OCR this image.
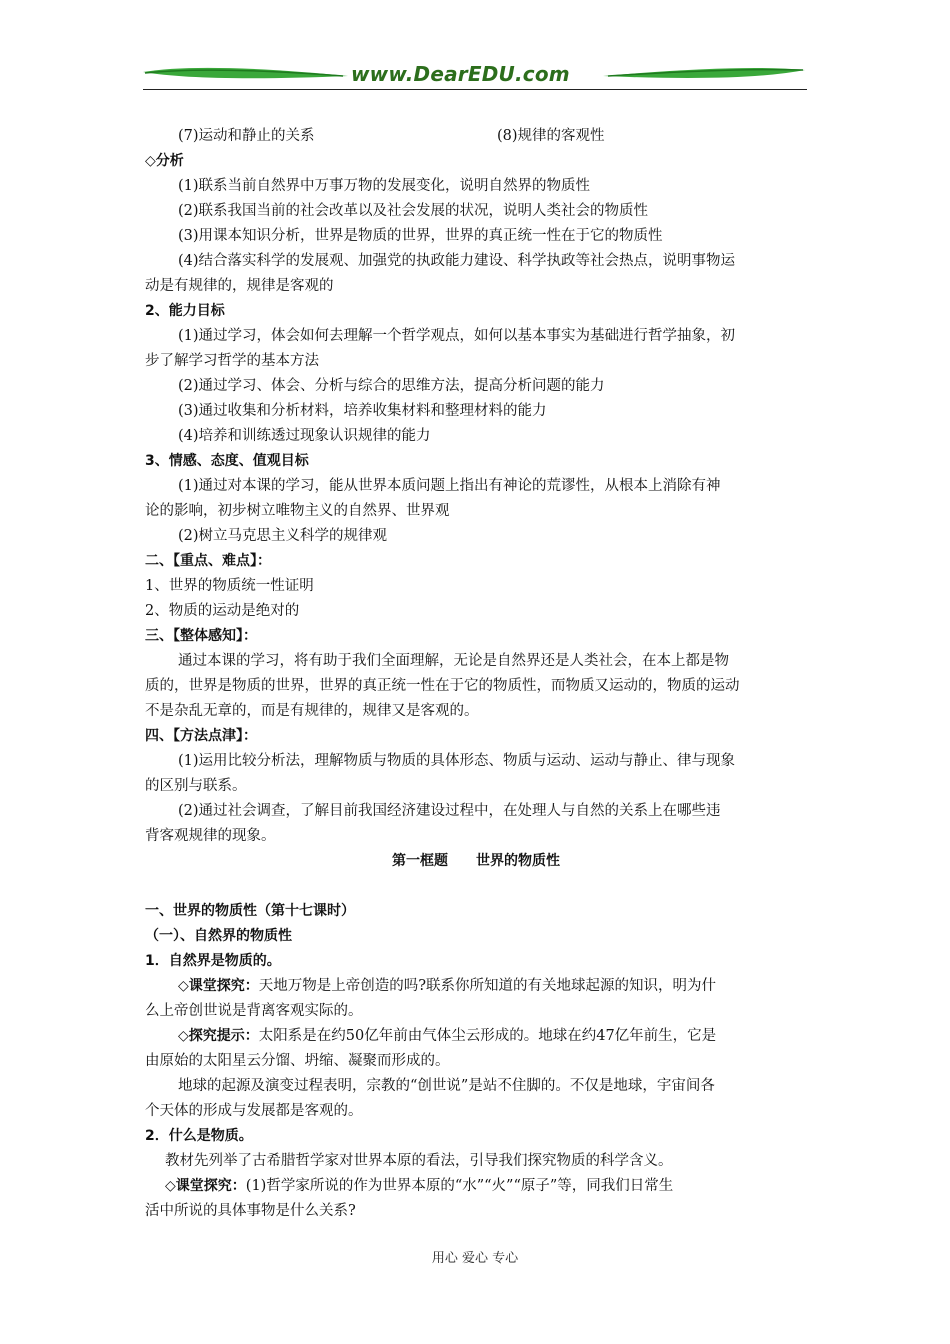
www.DearEDU.com
(7)运动和静止的关系	(8)规律的客观性
◇分析
(1)联系当前自然界中万事万物的发展变化，说明自然界的物质性
(2)联系我国当前的社会改革以及社会发展的状况，说明人类社会的物质性
(3)用课本知识分析，世界是物质的世界，世界的真正统一性在于它的物质性
(4)结合落实科学的发展观、加强党的执政能力建设、科学执政等社会热点，说明事物运
动是有规律的，规律是客观的
2、能力目标
(1)通过学习，体会如何去理解一个哲学观点，如何以基本事实为基础进行哲学抽象，初
步了解学习哲学的基本方法
(2)通过学习、体会、分析与综合的思维方法，提高分析问题的能力
(3)通过收集和分析材料，培养收集材料和整理材料的能力
(4)培养和训练透过现象认识规律的能力
3、情感、态度、值观目标
(1)通过对本课的学习，能从世界本质问题上指出有神论的荒谬性，从根本上消除有神
论的影响，初步树立唯物主义的自然界、世界观
(2)树立马克思主义科学的规律观
二、【重点、难点】：
1、世界的物质统一性证明
2、物质的运动是绝对的
三、【整体感知】：
通过本课的学习，将有助于我们全面理解，无论是自然界还是人类社会，在本上都是物
质的，世界是物质的世界，世界的真正统一性在于它的物质性，而物质又运动的，物质的运动
不是杂乱无章的，而是有规律的，规律又是客观的。
四、【方法点津】：
(1)运用比较分析法，理解物质与物质的具体形态、物质与运动、运动与静止、律与现象
的区别与联系。
(2)通过社会调查，了解目前我国经济建设过程中，在处理人与自然的关系上在哪些违
背客观规律的现象。
第一框题　　世界的物质性
一、世界的物质性（第十七课时）
（一）、自然界的物质性
1．自然界是物质的。
◇课堂探究：天地万物是上帝创造的吗?联系你所知道的有关地球起源的知识，明为什
么上帝创世说是背离客观实际的。
◇探究提示：太阳系是在约50亿年前由气体尘云形成的。地球在约47亿年前生，它是
由原始的太阳星云分馏、坍缩、凝聚而形成的。
地球的起源及演变过程表明，宗教的“创世说”是站不住脚的。不仅是地球，宇宙间各
个天体的形成与发展都是客观的。
2．什么是物质。
教材先列举了古希腊哲学家对世界本原的看法，引导我们探究物质的科学含义。
◇课堂探究：(1)哲学家所说的作为世界本原的“水”“火”“原子”等，同我们日常生
活中所说的具体事物是什么关系?
用心 爱心 专心
